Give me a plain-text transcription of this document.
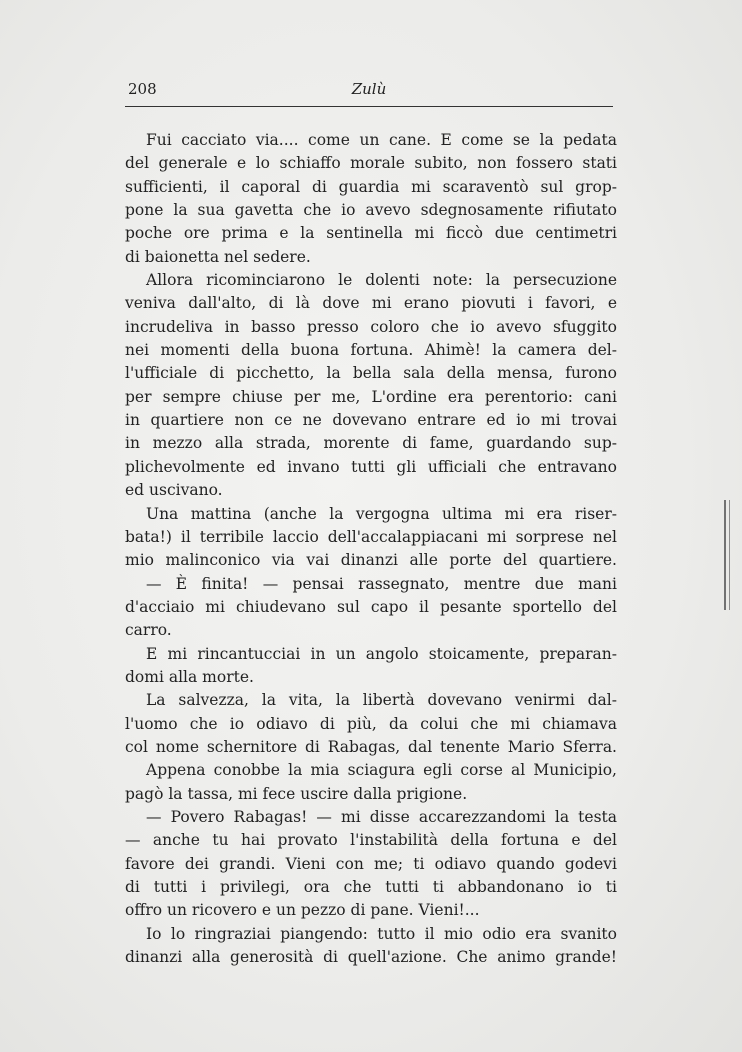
208	Zulù
Fui cacciato via.... come un cane. E come se la pedata
del generale e lo schiaffo morale subito, non fossero stati
sufficienti, il caporal di guardia mi scaraventò sul grop-
pone la sua gavetta che io avevo sdegnosamente rifiutato
poche ore prima e la sentinella mi ficcò due centimetri
di baionetta nel sedere.
Allora ricominciarono le dolenti note: la persecuzione
veniva dall'alto, di là dove mi erano piovuti i favori, e
incrudeliva in basso presso coloro che io avevo sfuggito
nei momenti della buona fortuna. Ahimè! la camera del-
l'ufficiale di picchetto, la bella sala della mensa, furono
per sempre chiuse per me, L'ordine era perentorio: cani
in quartiere non ce ne dovevano entrare ed io mi trovai
in mezzo alla strada, morente di fame, guardando sup-
plichevolmente ed invano tutti gli ufficiali che entravano
ed uscivano.
Una mattina (anche la vergogna ultima mi era riser-
bata!) il terribile laccio dell'accalappiacani mi sorprese nel
mio malinconico via vai dinanzi alle porte del quartiere.
— È finita! — pensai rassegnato, mentre due mani
d'acciaio mi chiudevano sul capo il pesante sportello del
carro.
E mi rincantucciai in un angolo stoicamente, preparan-
domi alla morte.
La salvezza, la vita, la libertà dovevano venirmi dal-
l'uomo che io odiavo di più, da colui che mi chiamava
col nome schernitore di Rabagas, dal tenente Mario Sferra.
Appena conobbe la mia sciagura egli corse al Municipio,
pagò la tassa, mi fece uscire dalla prigione.
— Povero Rabagas! — mi disse accarezzandomi la testa
— anche tu hai provato l'instabilità della fortuna e del
favore dei grandi. Vieni con me; ti odiavo quando godevi
di tutti i privilegi, ora che tutti ti abbandonano io ti
offro un ricovero e un pezzo di pane. Vieni!...
Io lo ringraziai piangendo: tutto il mio odio era svanito
dinanzi alla generosità di quell'azione. Che animo grande!
